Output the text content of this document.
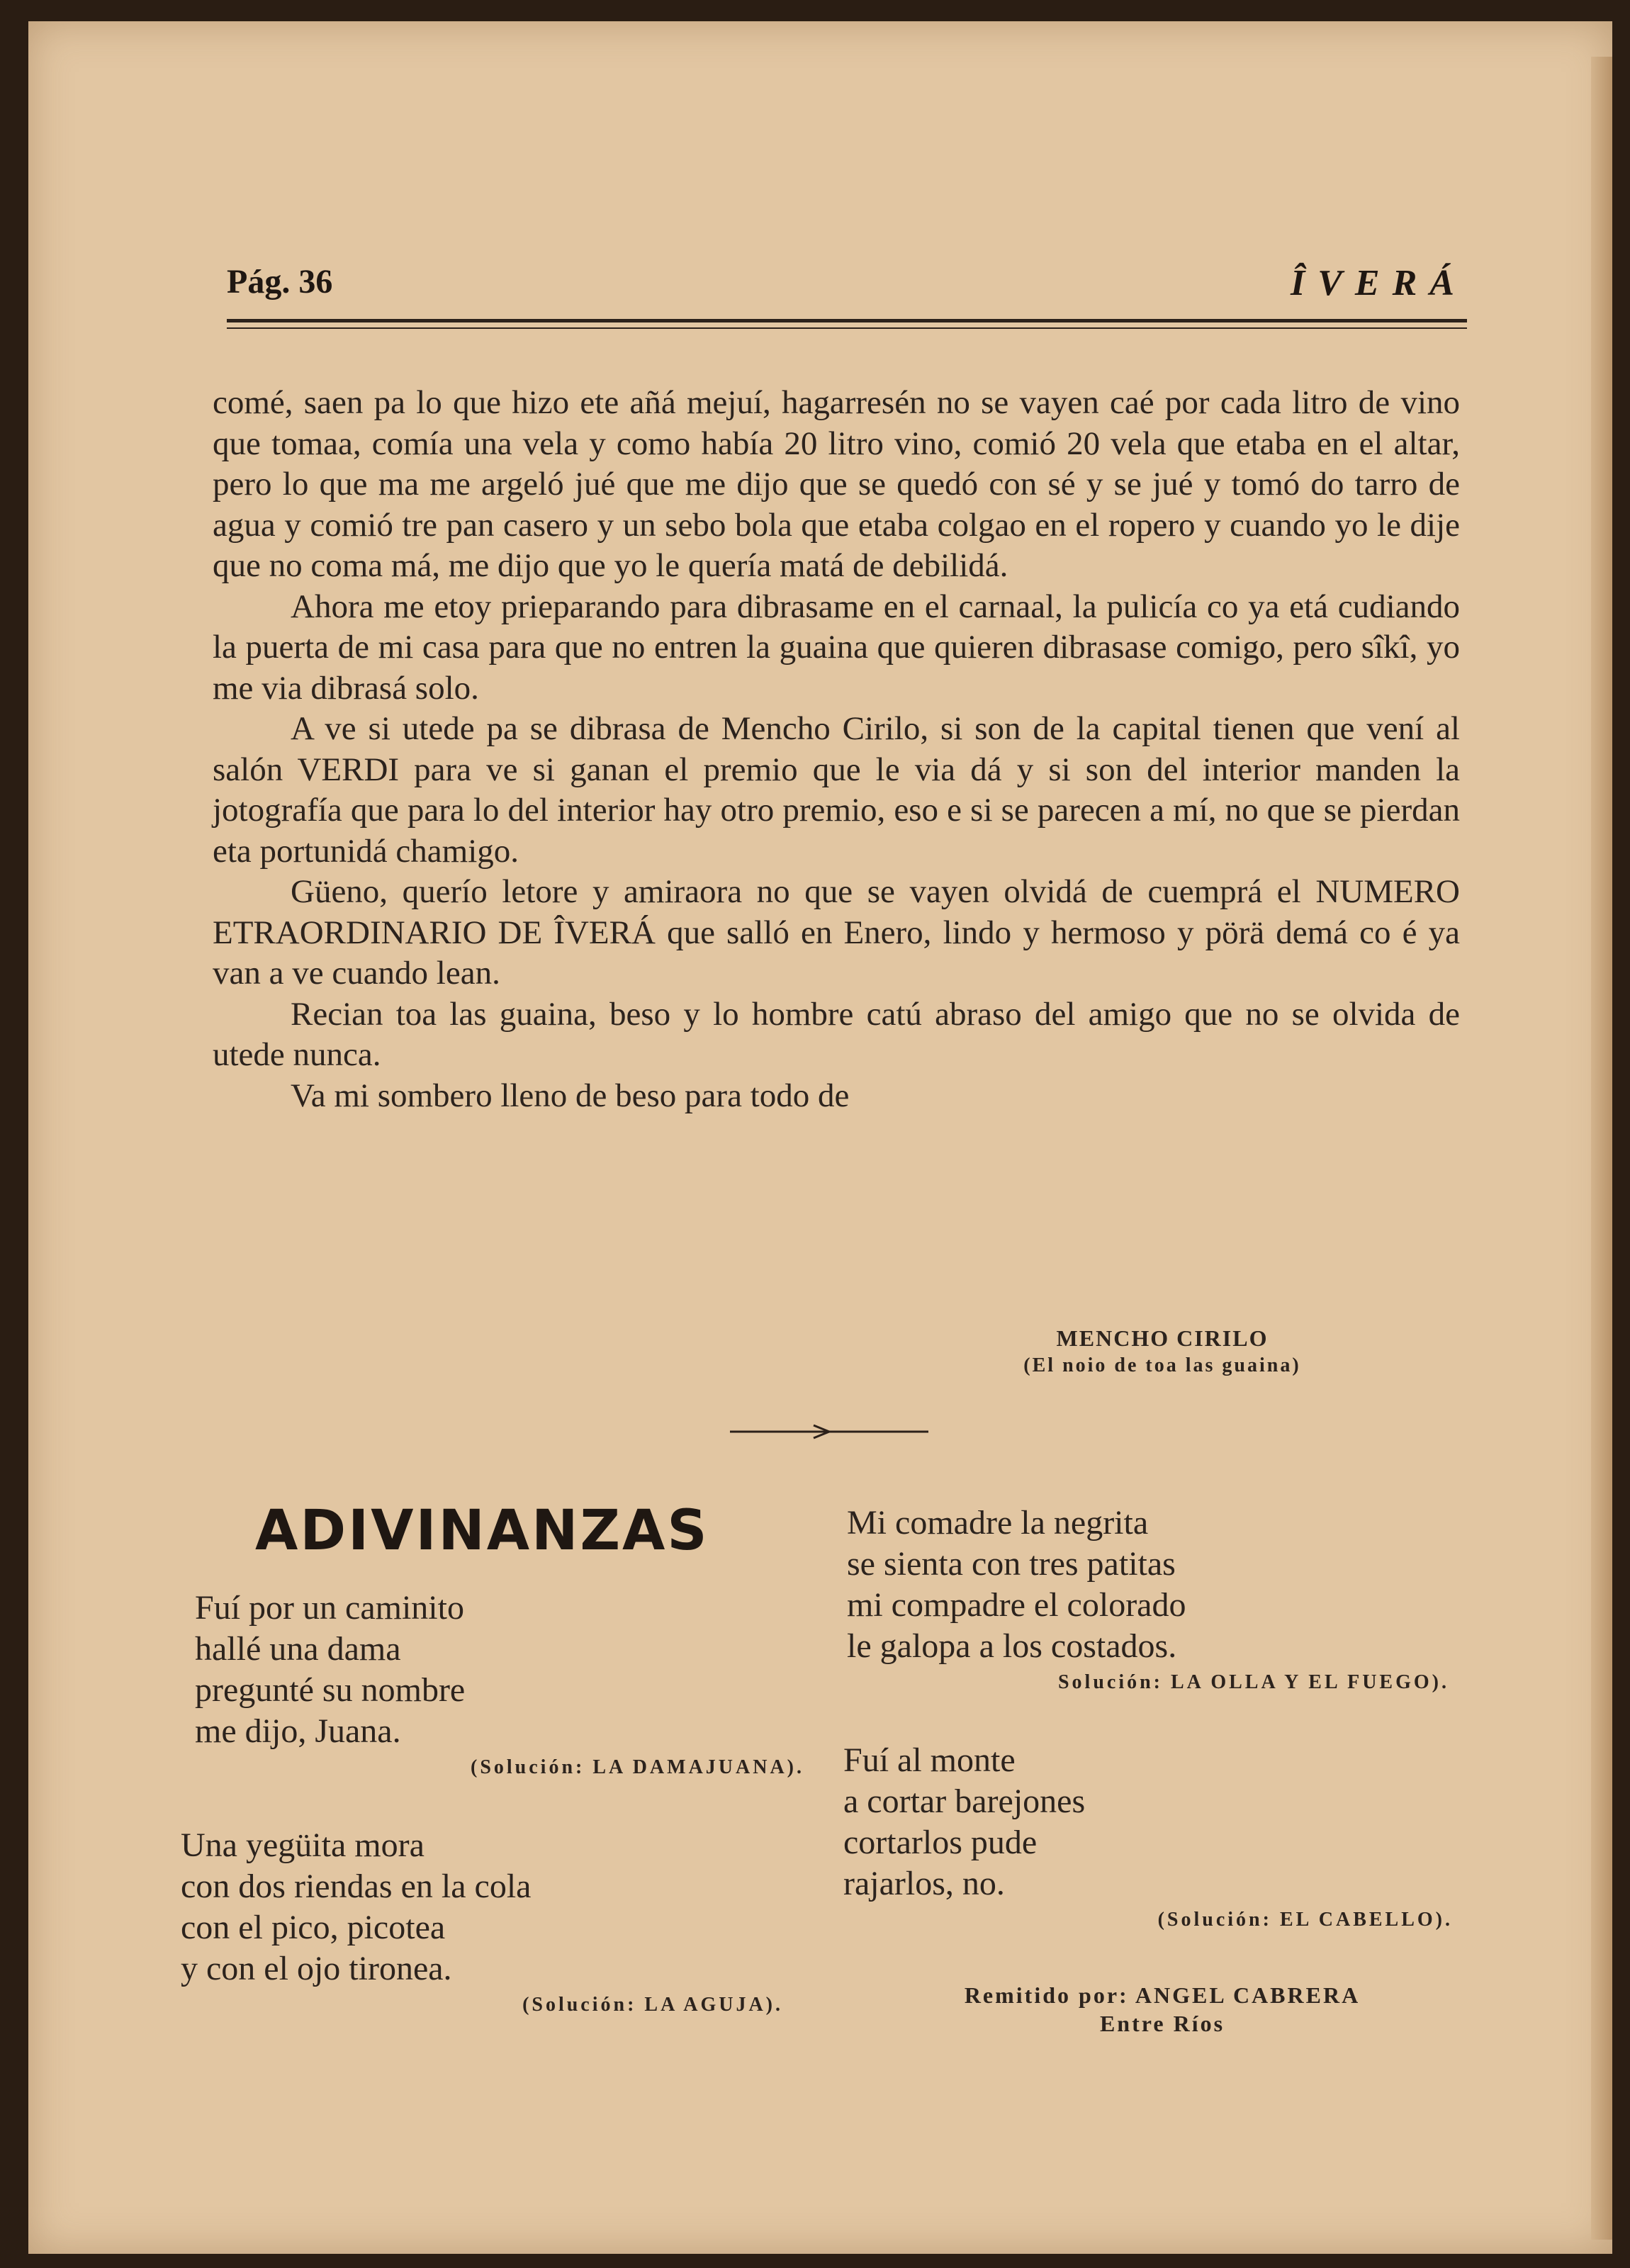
Pág. 36	ÎVERÁ

comé, saen pa lo que hizo ete añá mejuí, hagarresén no se vayen caé por cada litro de vino que tomaa, comía una vela y como había 20 litro vino, comió 20 vela que etaba en el altar, pero lo que ma me argeló jué que me dijo que se quedó con sé y se jué y tomó do tarro de agua y comió tre pan casero y un sebo bola que etaba colgao en el ropero y cuando yo le dije que no coma má, me dijo que yo le quería matá de debilidá.

Ahora me etoy prieparando para dibrasame en el carnaal, la pulicía co ya etá cudiando la puerta de mi casa para que no entren la guaina que quieren dibrasase comigo, pero sîkî, yo me via dibrasá solo.

A ve si utede pa se dibrasa de Mencho Cirilo, si son de la capital tienen que vení al salón VERDI para ve si ganan el premio que le via dá y si son del interior manden la jotografía que para lo del interior hay otro premio, eso e si se parecen a mí, no que se pierdan eta portunidá chamigo.

Güeno, querío letore y amiraora no que se vayen olvidá de cuemprá el NUMERO ETRAORDINARIO DE ÎVERÁ que salló en Enero, lindo y hermoso y pörä demá co é ya van a ve cuando lean.

Recian toa las guaina, beso y lo hombre catú abraso del amigo que no se olvida de utede nunca.

Va mi sombero lleno de beso para todo de

MENCHO CIRILO
(El noio de toa las guaina)
ADIVINANZAS
Fuí por un caminito
hallé una dama
pregunté su nombre
me dijo, Juana.
(Solución: LA DAMAJUANA).
Una yegüita mora
con dos riendas en la cola
con el pico, picotea
y con el ojo tironea.
(Solución: LA AGUJA).
Mi comadre la negrita
se sienta con tres patitas
mi compadre el colorado
le galopa a los costados.
Solución: LA OLLA Y EL FUEGO).
Fuí al monte
a cortar barejones
cortarlos pude
rajarlos, no.
(Solución: EL CABELLO).
Remitido por: ANGEL CABRERA
Entre Ríos
